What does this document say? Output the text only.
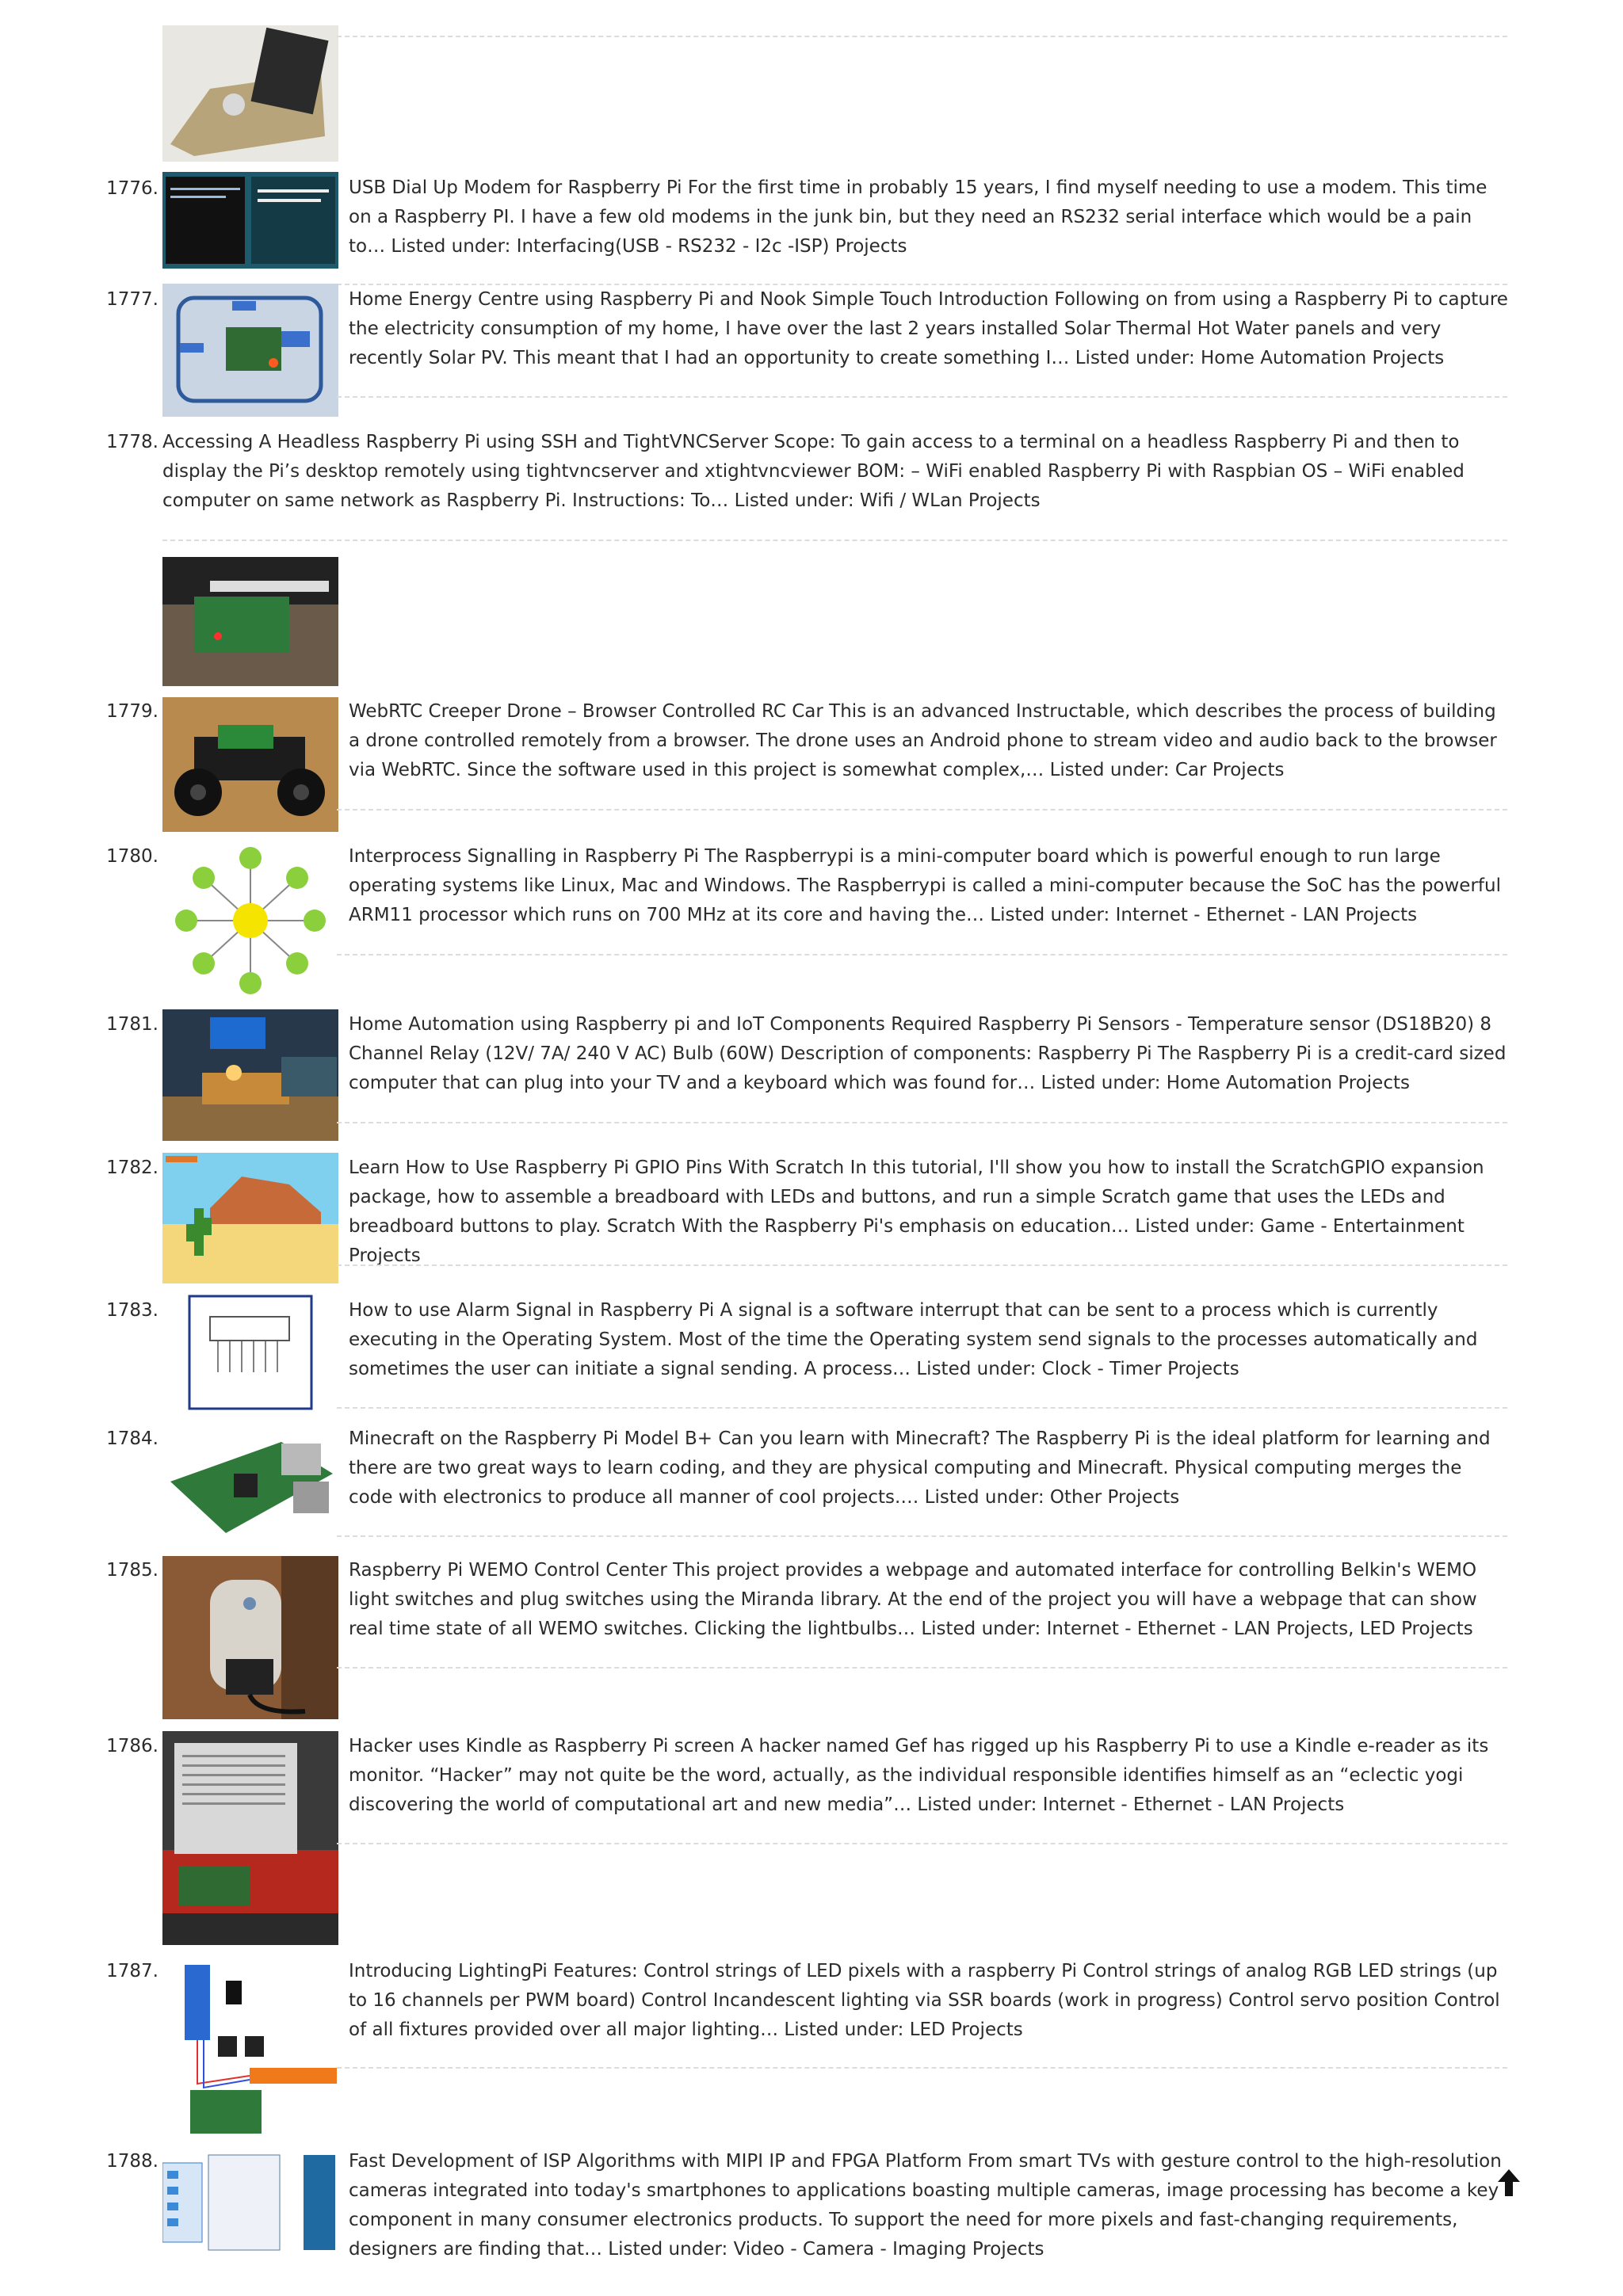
1776.	USB Dial Up Modem for Raspberry Pi For the first time in probably 15 years, I find myself needing to use a modem. This time on a Raspberry PI. I have a few old modems in the junk bin, but they need an RS232 serial interface which would be a pain to… Listed under: Interfacing(USB - RS232 - I2c -ISP) Projects

1777.	Home Energy Centre using Raspberry Pi and Nook Simple Touch Introduction Following on from using a Raspberry Pi to capture the electricity consumption of my home, I have over the last 2 years installed Solar Thermal Hot Water panels and very recently Solar PV. This meant that I had an opportunity to create something I… Listed under: Home Automation Projects

1778. Accessing A Headless Raspberry Pi using SSH and TightVNCServer Scope: To gain access to a terminal on a headless Raspberry Pi and then to display the Pi’s desktop remotely using tightvncserver and xtightvncviewer BOM: – WiFi enabled Raspberry Pi with Raspbian OS – WiFi enabled computer on same network as Raspberry Pi. Instructions: To… Listed under: Wifi / WLan Projects

1779.	WebRTC Creeper Drone – Browser Controlled RC Car This is an advanced Instructable, which describes the process of building a drone controlled remotely from a browser. The drone uses an Android phone to stream video and audio back to the browser via WebRTC. Since the software used in this project is somewhat complex,… Listed under: Car Projects

1780.	Interprocess Signalling in Raspberry Pi The Raspberrypi is a mini-computer board which is powerful enough to run large operating systems like Linux, Mac and Windows. The Raspberrypi is called a mini-computer because the SoC has the powerful ARM11 processor which runs on 700 MHz at its core and having the… Listed under: Internet - Ethernet - LAN Projects

1781.	Home Automation using Raspberry pi and IoT Components Required Raspberry Pi Sensors - Temperature sensor (DS18B20) 8 Channel Relay (12V/ 7A/ 240 V AC) Bulb (60W) Description of components: Raspberry Pi The Raspberry Pi is a credit-card sized computer that can plug into your TV and a keyboard which was found for… Listed under: Home Automation Projects

1782.	Learn How to Use Raspberry Pi GPIO Pins With Scratch In this tutorial, I'll show you how to install the ScratchGPIO expansion package, how to assemble a breadboard with LEDs and buttons, and run a simple Scratch game that uses the LEDs and breadboard buttons to play. Scratch With the Raspberry Pi's emphasis on education… Listed under: Game - Entertainment Projects

1783.	How to use Alarm Signal in Raspberry Pi A signal is a software interrupt that can be sent to a process which is currently executing in the Operating System. Most of the time the Operating system send signals to the processes automatically and sometimes the user can initiate a signal sending. A process… Listed under: Clock - Timer Projects

1784.	Minecraft on the Raspberry Pi Model B+ Can you learn with Minecraft? The Raspberry Pi is the ideal platform for learning and there are two great ways to learn coding, and they are physical computing and Minecraft. Physical computing merges the code with electronics to produce all manner of cool projects.… Listed under: Other Projects

1785.	Raspberry Pi WEMO Control Center This project provides a webpage and automated interface for controlling Belkin's WEMO light switches and plug switches using the Miranda library. At the end of the project you will have a webpage that can show real time state of all WEMO switches. Clicking the lightbulbs… Listed under: Internet - Ethernet - LAN Projects, LED Projects

1786.	Hacker uses Kindle as Raspberry Pi screen A hacker named Gef has rigged up his Raspberry Pi to use a Kindle e-reader as its monitor. “Hacker” may not quite be the word, actually, as the individual responsible identifies himself as an “eclectic yogi discovering the world of computational art and new media”… Listed under: Internet - Ethernet - LAN Projects

1787.	Introducing LightingPi Features: Control strings of LED pixels with a raspberry Pi Control strings of analog RGB LED strings (up to 16 channels per PWM board) Control Incandescent lighting via SSR boards (work in progress) Control servo position Control of all fixtures provided over all major lighting… Listed under: LED Projects

1788.	Fast Development of ISP Algorithms with MIPI IP and FPGA Platform From smart TVs with gesture control to the high-resolution cameras integrated into today's smartphones to applications boasting multiple cameras, image processing has become a key component in many consumer electronics products. To support the need for more pixels and fast-changing requirements, designers are finding that… Listed under: Video - Camera - Imaging Projects
